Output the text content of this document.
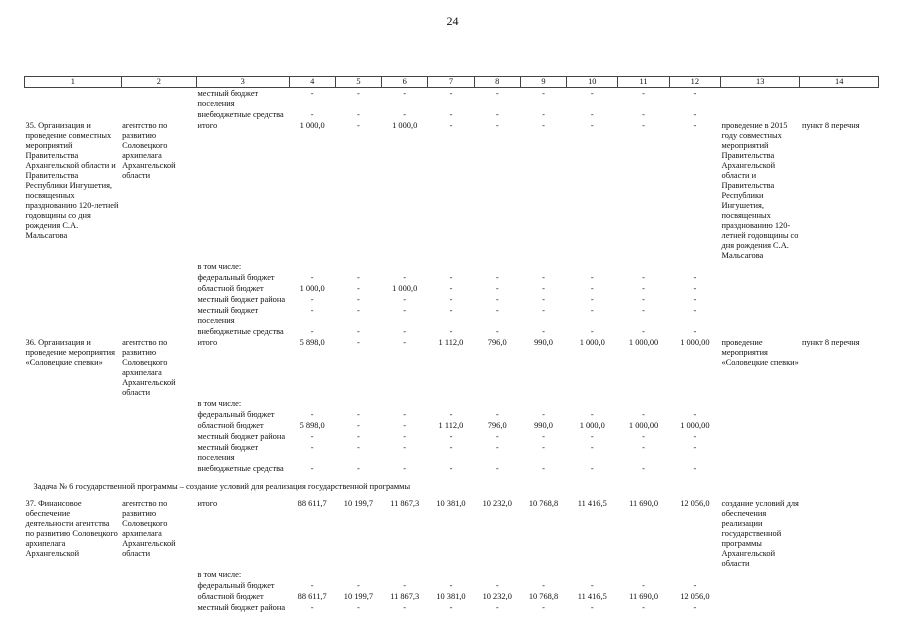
24
1	2	3	4	5	6	7	8	9	10	11	12	13	14
		местный бюджет поселения	-	-	-	-	-	-	-	-	-		
		внебюджетные средства	-	-	-	-	-	-	-	-	-		
35. Организация и проведение совместных мероприятий Правительства Архангельской области и Правительства Республики Ингушетия, посвященных празднованию 120-летней годовщины со дня рождения С.А. Мальсагова	агентство по развитию Соловецкого архипелага Архангельской области	итого	1 000,0	-	1 000,0	-	-	-	-	-	-	проведение в 2015 году совместных мероприятий Правительства Архангельской области и Правительства Республики Ингушетия, посвященных празднованию 120-летней годовщины со дня рождения С.А. Мальсагова	пункт 8 перечня
		в том числе:											
		федеральный бюджет	-	-	-	-	-	-	-	-	-		
		областной бюджет	1 000,0	-	1 000,0	-	-	-	-	-	-		
		местный бюджет района	-	-	-	-	-	-	-	-	-		
		местный бюджет поселения	-	-	-	-	-	-	-	-	-		
		внебюджетные средства	-	-	-	-	-	-	-	-	-		
36. Организация и проведение мероприятия «Соловецкие спевки»	агентство по развитию Соловецкого архипелага Архангельской области	итого	5 898,0	-	-	1 112,0	796,0	990,0	1 000,0	1 000,00	1 000,00	проведение мероприятия «Соловецкие спевки»	пункт 8 перечня
		в том числе:											
		федеральный бюджет	-	-	-	-	-	-	-	-	-		
		областной бюджет	5 898,0	-	-	1 112,0	796,0	990,0	1 000,0	1 000,00	1 000,00		
		местный бюджет района	-	-	-	-	-	-	-	-	-		
		местный бюджет поселения	-	-	-	-	-	-	-	-	-		
		внебюджетные средства	-	-	-	-	-	-	-	-	-		
Задача № 6 государственной программы – создание условий для реализация государственной программы													
37. Финансовое обеспечение деятельности агентства по развитию Соловецкого архипелага Архангельской	агентство по развитию Соловецкого архипелага Архангельской области	итого	88 611,7	10 199,7	11 867,3	10 381,0	10 232,0	10 768,8	11 416,5	11 690,0	12 056,0	создание условий для обеспечения реализации государственной программы Архангельской области	
		в том числе:											
		федеральный бюджет	-	-	-	-	-	-	-	-	-		
		областной бюджет	88 611,7	10 199,7	11 867,3	10 381,0	10 232,0	10 768,8	11 416,5	11 690,0	12 056,0		
		местный бюджет района	-	-	-	-	-	-	-	-	-		
